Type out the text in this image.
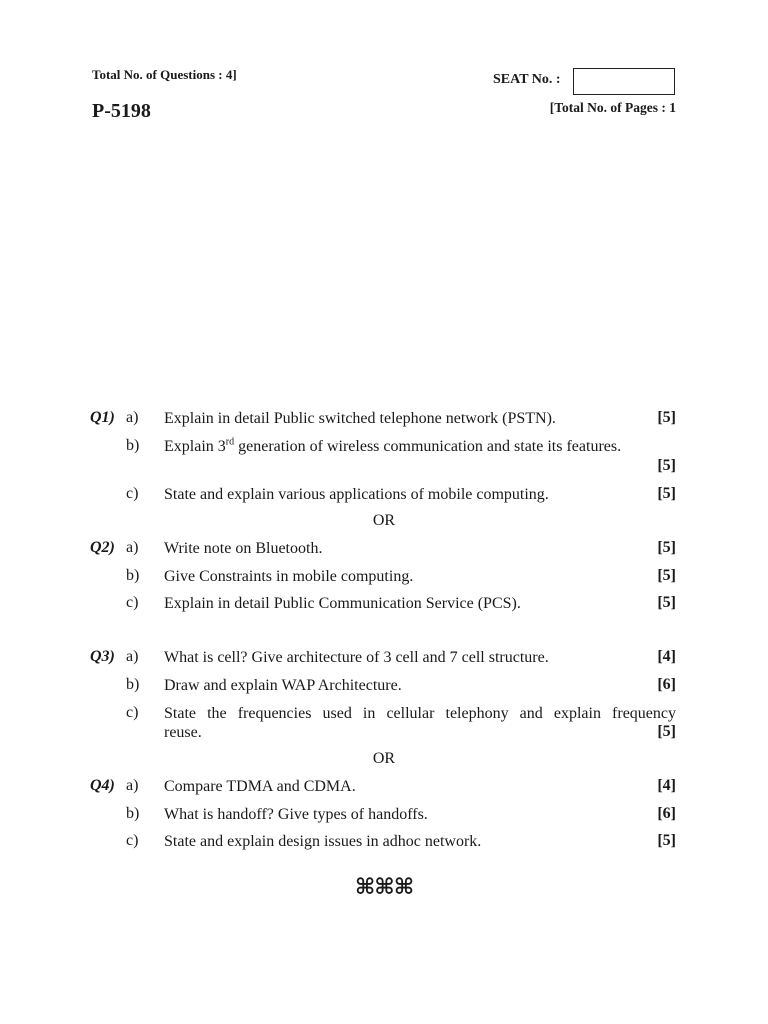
Total No. of Questions : 4]	SEAT No. :
P-5198	[Total No. of Pages : 1
Q1) a)	Explain in detail Public switched telephone network (PSTN).	[5]
b) Explain 3rd generation of wireless communication and state its features.
[5]
c)	State and explain various applications of mobile computing.	[5]
OR
Q2) a)	Write note on Bluetooth.	[5]
b) Give Constraints in mobile computing.	[5]
c)	Explain in detail Public Communication Service (PCS).	[5]
Q3) a)	What is cell? Give architecture of 3 cell and 7 cell structure.	[4]
b) Draw and explain WAP Architecture.	[6]
c)	State the frequencies used in cellular telephony and explain frequency
reuse.	[5]
OR
Q4) a)	Compare TDMA and CDMA.	[4]
b) What is handoff? Give types of handoffs.	[6]
c)	State and explain design issues in adhoc network.	[5]
⌘⌘⌘
